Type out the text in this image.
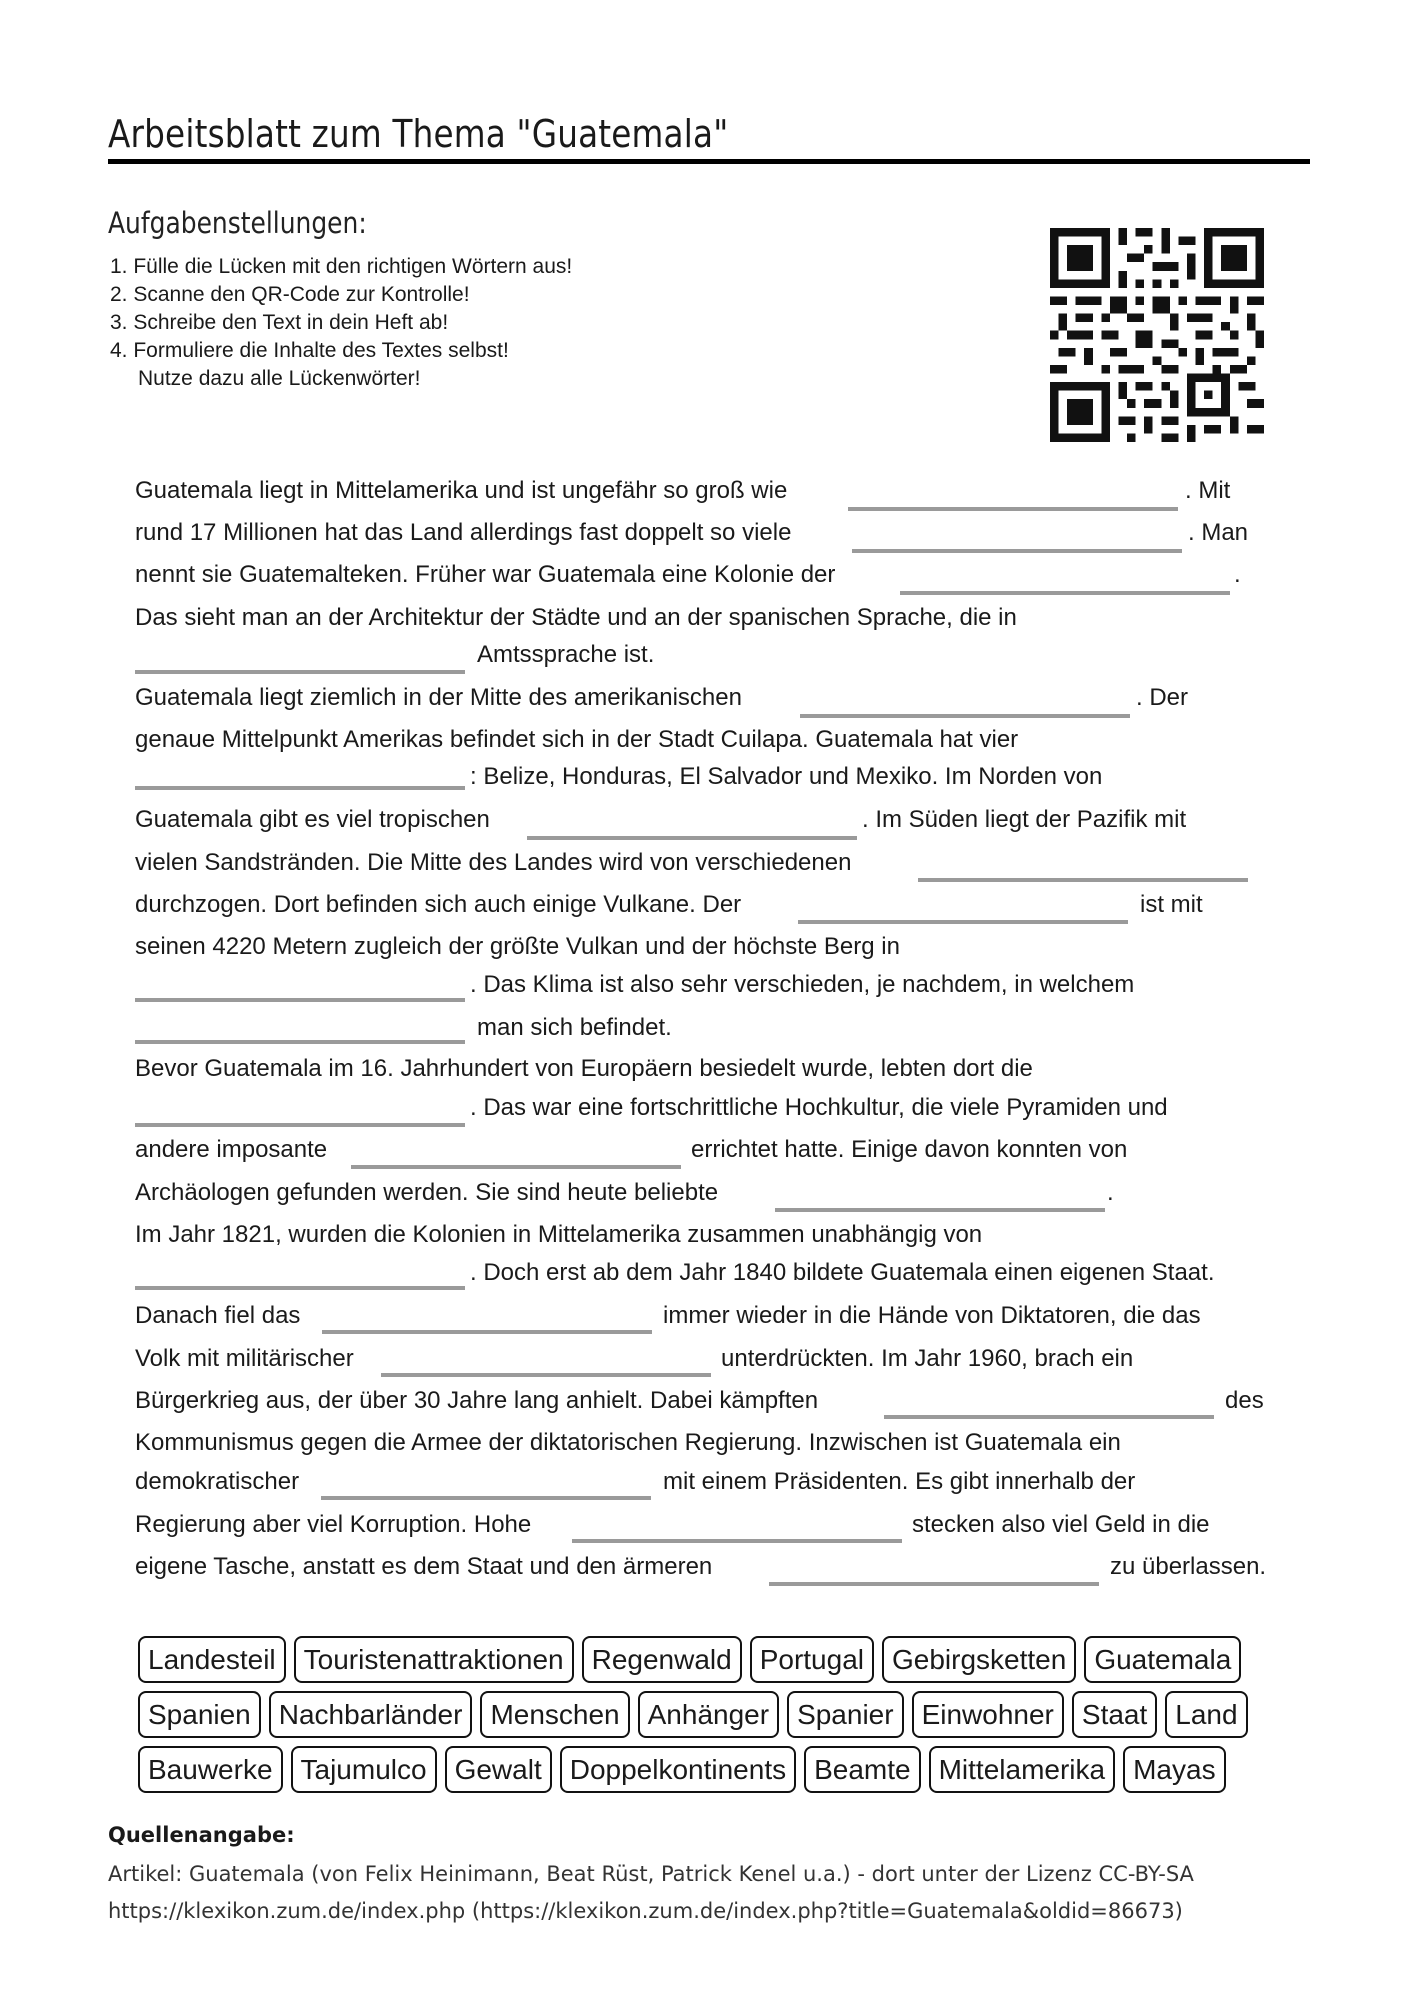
Arbeitsblatt zum Thema "Guatemala"
Aufgabenstellungen:
1. Fülle die Lücken mit den richtigen Wörtern aus!
2. Scanne den QR-Code zur Kontrolle!
3. Schreibe den Text in dein Heft ab!
4. Formuliere die Inhalte des Textes selbst!
Nutze dazu alle Lückenwörter!
Guatemala liegt in Mittelamerika und ist ungefähr so groß wie	. Mit
rund 17 Millionen hat das Land allerdings fast doppelt so viele	. Man
nennt sie Guatemalteken. Früher war Guatemala eine Kolonie der	.
Das sieht man an der Architektur der Städte und an der spanischen Sprache, die in
Amtssprache ist.
Guatemala liegt ziemlich in der Mitte des amerikanischen	. Der
genaue Mittelpunkt Amerikas befindet sich in der Stadt Cuilapa. Guatemala hat vier
: Belize, Honduras, El Salvador und Mexiko. Im Norden von
Guatemala gibt es viel tropischen	. Im Süden liegt der Pazifik mit
vielen Sandstränden. Die Mitte des Landes wird von verschiedenen
durchzogen. Dort befinden sich auch einige Vulkane. Der	ist mit
seinen 4220 Metern zugleich der größte Vulkan und der höchste Berg in
. Das Klima ist also sehr verschieden, je nachdem, in welchem
man sich befindet.
Bevor Guatemala im 16. Jahrhundert von Europäern besiedelt wurde, lebten dort die
. Das war eine fortschrittliche Hochkultur, die viele Pyramiden und
andere imposante	errichtet hatte. Einige davon konnten von
Archäologen gefunden werden. Sie sind heute beliebte	.
Im Jahr 1821, wurden die Kolonien in Mittelamerika zusammen unabhängig von
. Doch erst ab dem Jahr 1840 bildete Guatemala einen eigenen Staat.
Danach fiel das	immer wieder in die Hände von Diktatoren, die das
Volk mit militärischer	unterdrückten. Im Jahr 1960, brach ein
Bürgerkrieg aus, der über 30 Jahre lang anhielt. Dabei kämpften	des
Kommunismus gegen die Armee der diktatorischen Regierung. Inzwischen ist Guatemala ein
demokratischer	mit einem Präsidenten. Es gibt innerhalb der
Regierung aber viel Korruption. Hohe	stecken also viel Geld in die
eigene Tasche, anstatt es dem Staat und den ärmeren	zu überlassen.
Landesteil	Touristenattraktionen	Regenwald	Portugal	Gebirgsketten	Guatemala
Spanien	Nachbarländer	Menschen	Anhänger	Spanier	Einwohner	Staat	Land
Bauwerke	Tajumulco	Gewalt	Doppelkontinents	Beamte	Mittelamerika	Mayas
Quellenangabe:
Artikel: Guatemala (von Felix Heinimann, Beat Rüst, Patrick Kenel u.a.) - dort unter der Lizenz CC-BY-SA
https://klexikon.zum.de/index.php (https://klexikon.zum.de/index.php?title=Guatemala&oldid=86673)
